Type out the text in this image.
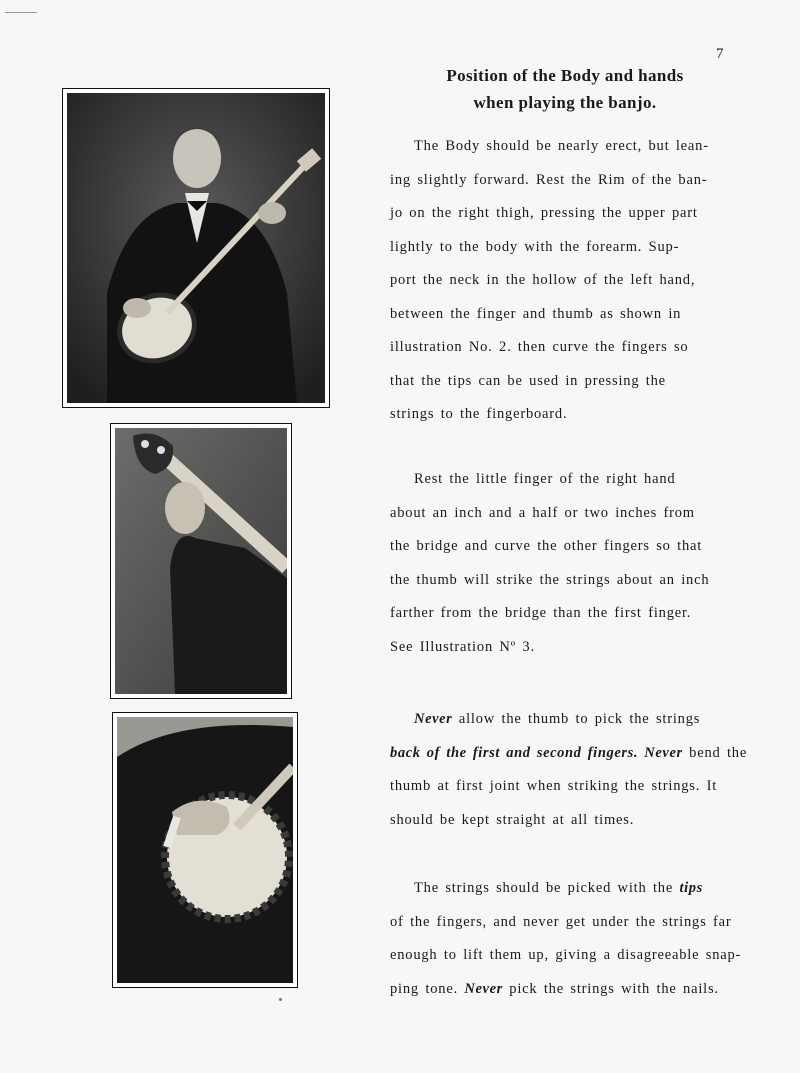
7
Position of the Body and hands
when playing the banjo.
The Body should be nearly erect, but lean-
ing slightly forward. Rest the Rim of the ban-
jo on the right thigh, pressing the upper part
lightly to the body with the forearm. Sup-
port the neck in the hollow of the left hand,
between the finger and thumb as shown in
illustration No. 2. then curve the fingers so
that the tips can be used in pressing the
strings to the fingerboard.
Rest the little finger of the right hand
about an inch and a half or two inches from
the bridge and curve the other fingers so that
the thumb will strike the strings about an inch
farther from the bridge than the first finger.
See Illustration Nº 3.
Never allow the thumb to pick the strings
back of the first and second fingers. Never bend the
thumb at first joint when striking the strings. It
should be kept straight at all times.
The strings should be picked with the tips
of the fingers, and never get under the strings far
enough to lift them up, giving a disagreeable snap-
ping tone. Never pick the strings with the nails.
